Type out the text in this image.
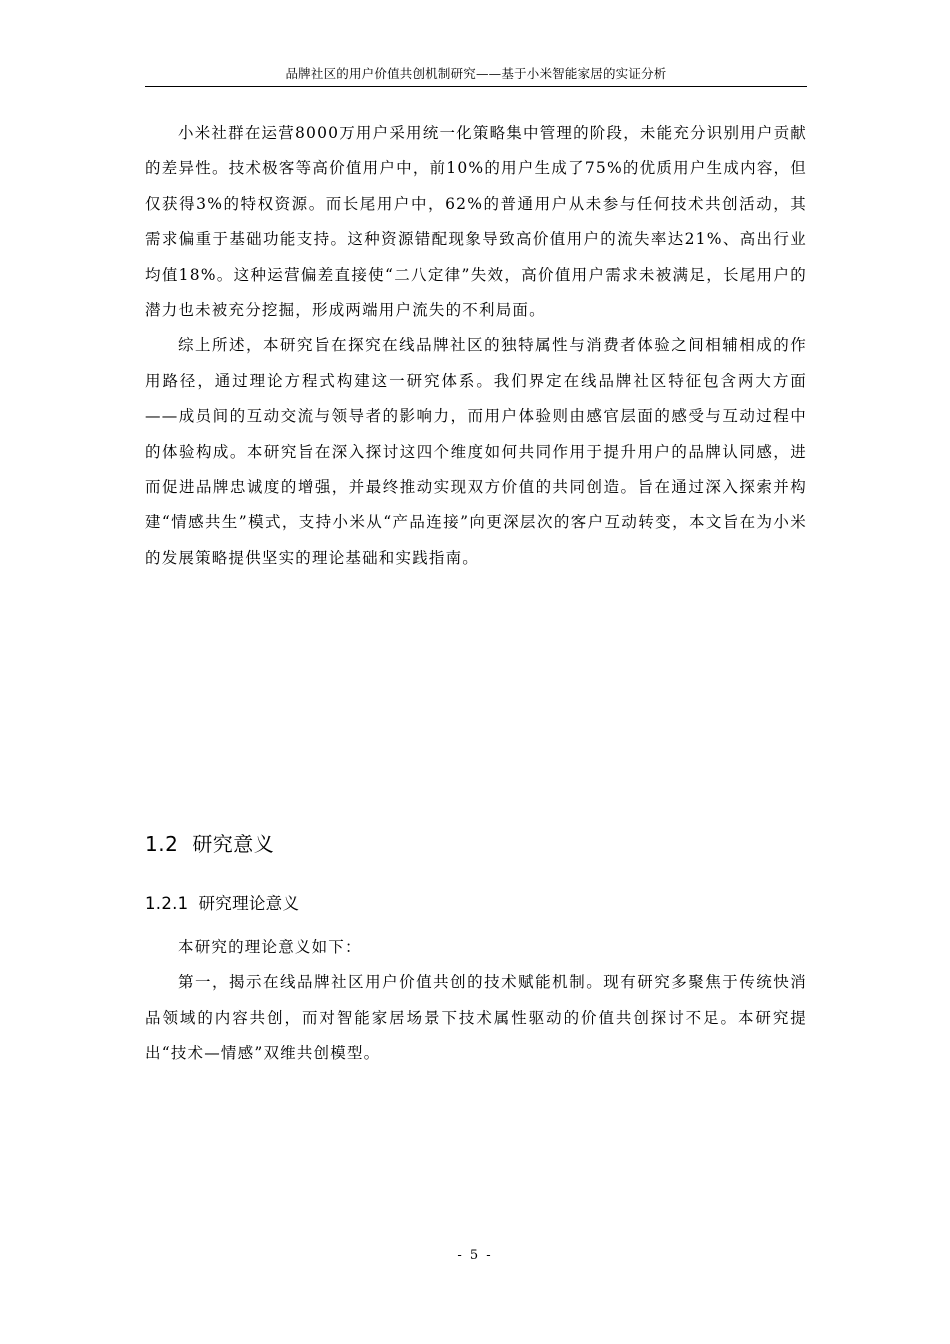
品牌社区的用户价值共创机制研究——基于小米智能家居的实证分析

小米社群在运营8000万用户采用统一化策略集中管理的阶段，未能充分识别用户贡献的差异性。技术极客等高价值用户中，前10%的用户生成了75%的优质用户生成内容，但仅获得3%的特权资源。而长尾用户中，62%的普通用户从未参与任何技术共创活动，其需求偏重于基础功能支持。这种资源错配现象导致高价值用户的流失率达21%、高出行业均值18%。这种运营偏差直接使“二八定律”失效，高价值用户需求未被满足，长尾用户的潜力也未被充分挖掘，形成两端用户流失的不利局面。

综上所述，本研究旨在探究在线品牌社区的独特属性与消费者体验之间相辅相成的作用路径，通过理论方程式构建这一研究体系。我们界定在线品牌社区特征包含两大方面——成员间的互动交流与领导者的影响力，而用户体验则由感官层面的感受与互动过程中的体验构成。本研究旨在深入探讨这四个维度如何共同作用于提升用户的品牌认同感，进而促进品牌忠诚度的增强，并最终推动实现双方价值的共同创造。旨在通过深入探索并构建“情感共生”模式，支持小米从“产品连接”向更深层次的客户互动转变，本文旨在为小米的发展策略提供坚实的理论基础和实践指南。

1.2 研究意义
1.2.1 研究理论意义

本研究的理论意义如下：

第一，揭示在线品牌社区用户价值共创的技术赋能机制。现有研究多聚焦于传统快消品领域的内容共创，而对智能家居场景下技术属性驱动的价值共创探讨不足。本研究提出“技术—情感”双维共创模型。

- 5 -
